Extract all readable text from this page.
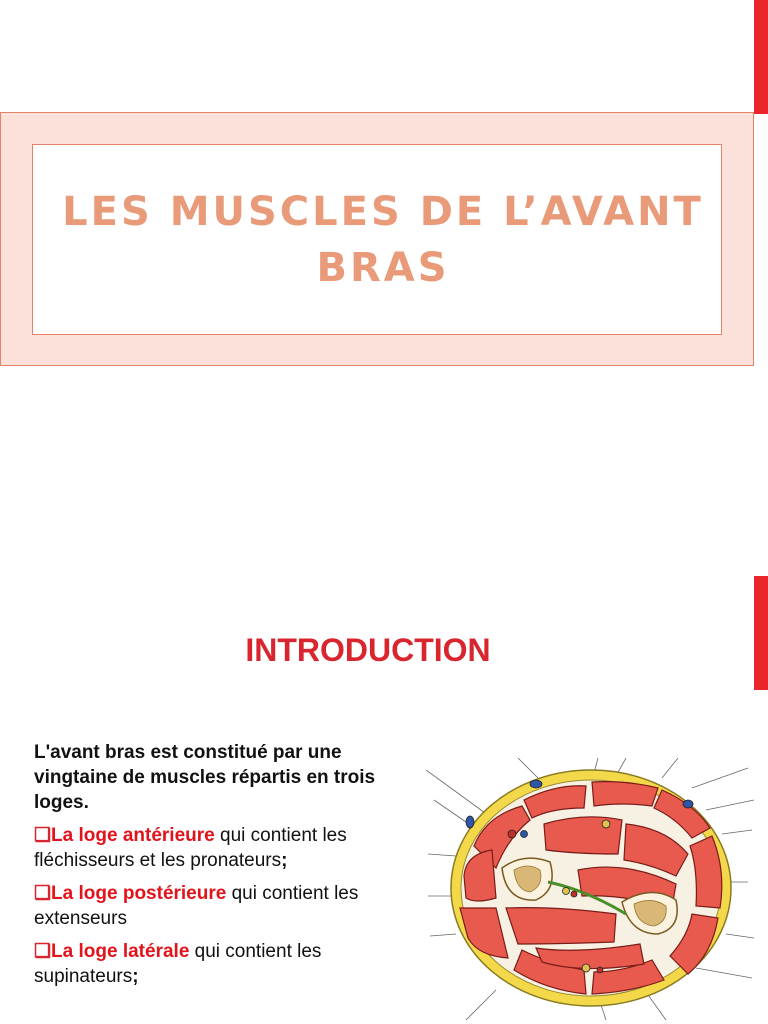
LES MUSCLES DE L’AVANT BRAS
INTRODUCTION

L'avant bras est constitué par une vingtaine de muscles répartis en trois loges.

❑La loge antérieure qui contient les fléchisseurs et les pronateurs;

❑La loge postérieure qui contient les extenseurs

❑La loge latérale qui contient les supinateurs;
